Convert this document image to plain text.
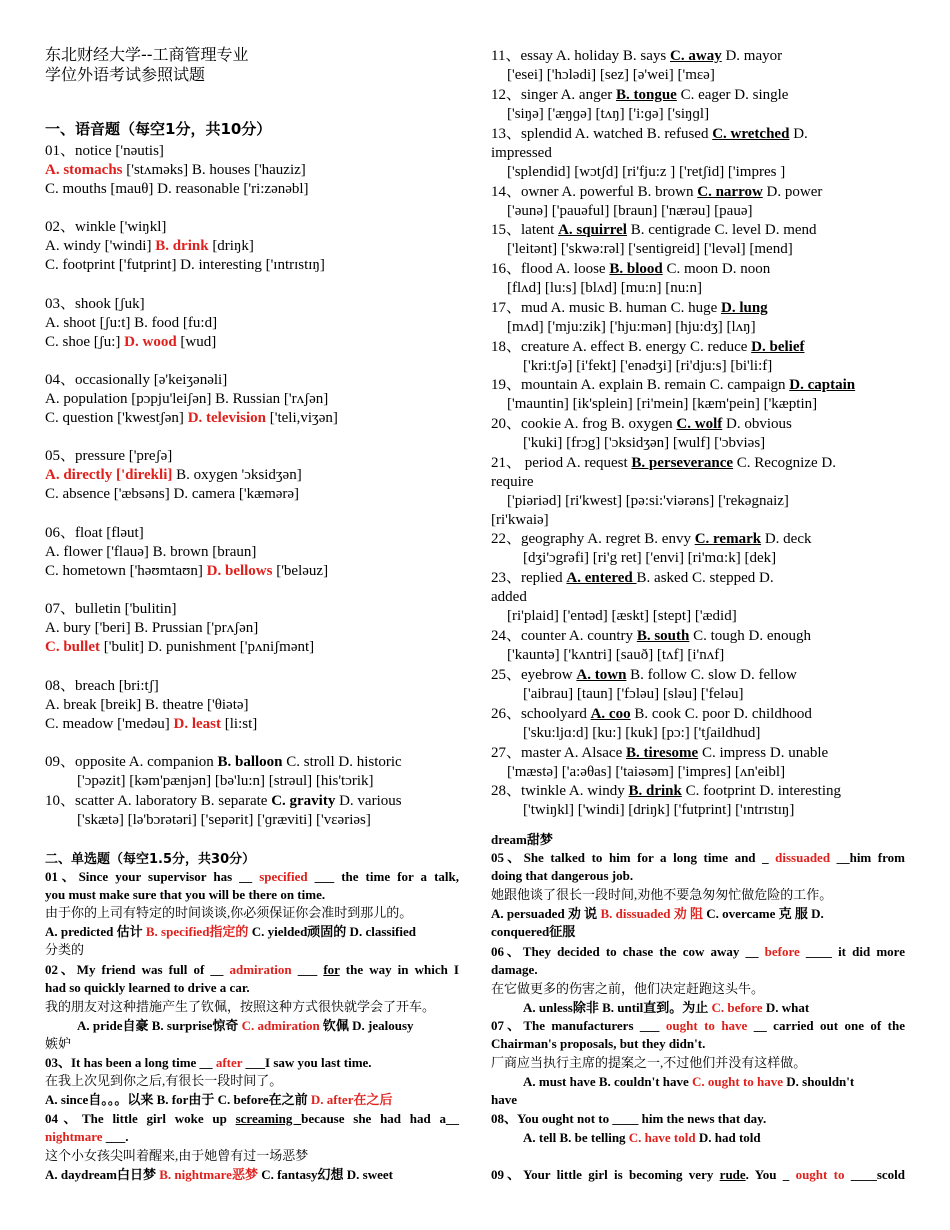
东北财经大学--工商管理专业
学位外语考试参照试题
一、语音题（每空1分，共10分）
01、notice ['nəutis]
A. stomachs ['stʌməks] B. houses ['hauziz]
C. mouths [mauθ] D. reasonable ['ri:zənəbl]
02、winkle ['wiŋkl]
A. windy ['windi] B. drink [driŋk]
C. footprint ['futprint] D. interesting ['ɪntrɪstɪŋ]
03、shook [ʃuk]
A. shoot [ʃu:t] B. food [fu:d]
C. shoe [ʃu:] D. wood [wud]
04、occasionally [ə'keiʒənəli]
A. population [pɔpju'leiʃən] B. Russian ['rʌʃən]
C. question ['kwestʃən] D. television ['teli,viʒən]
05、pressure ['preʃə]
A. directly ['direkli] B. oxygen 'ɔksidʒən]
C. absence ['æbsəns] D. camera ['kæmərə]
06、float [fləut]
A. flower ['flauə] B. brown [braun]
C. hometown ['həʊmtaʊn] D. bellows ['beləuz]
07、bulletin ['bulitin]
A. bury ['beri] B. Prussian ['prʌʃən]
C. bullet ['bulit] D. punishment ['pʌniʃmənt]
08、breach [bri:tʃ]
A. break [breik] B. theatre ['θiətə]
C. meadow ['medəu] D. least [li:st]
09、opposite A. companion B. balloon C. stroll D. historic
['ɔpəzit] [kəm'pænjən] [bə'lu:n] [strəul] [his'tɔrik]
10、scatter A. laboratory B. separate C. gravity D. various
['skætə] [lə'bɔrətəri] ['sepərit] ['ɡræviti] ['vɛəriəs]
二、单选题（每空1.5分，共30分）
01、Since your supervisor has __ specified ___ the time for a talk,
you must make sure that you will be there on time.
由于你的上司有特定的时间谈谈,你必须保证你会准时到那儿的。
A. predicted 估计 B. specified指定的 C. yielded顽固的 D. classified
分类的
02、My friend was full of __ admiration ___ for the way in which I
had so quickly learned to drive a car.
我的朋友对这种措施产生了钦佩，按照这种方式很快就学会了开车。
A. pride自豪 B. surprise惊奇 C. admiration 钦佩 D. jealousy
嫉妒
03、It has been a long time __ after ___I saw you last time.
在我上次见到你之后,有很长一段时间了。
A. since自。。。以来 B. for由于 C. before在之前 D. after在之后
04、The little girl woke up screaming because she had had a__
nightmare ___.
这个小女孩尖叫着醒来,由于她曾有过一场恶梦
A. daydream白日梦 B. nightmare恶梦 C. fantasy幻想 D. sweet
11、essay A. holiday B. says C. away D. mayor
['esei] ['hɔlədi] [sez] [ə'wei] ['mɛə]
12、singer A. anger B. tongue C. eager D. single
['siŋə] ['æŋɡə] [tʌŋ] ['i:ɡə] ['siŋɡl]
13、splendid A. watched B. refused C. wretched D.
impressed
['splendid] [wɔtʃd] [ri'fju:z ] ['retʃid] ['impres ]
14、owner A. powerful B. brown C. narrow D. power
['əunə] ['pauəful] [braun] ['nærəu] [pauə]
15、latent A. squirrel B. centigrade C. level D. mend
['leitənt] ['skwə:rəl] ['sentiɡreid] ['levəl] [mend]
16、flood A. loose B. blood C. moon D. noon
[flʌd] [lu:s] [blʌd] [mu:n] [nu:n]
17、mud A. music B. human C. huge D. lung
[mʌd] ['mju:zik] ['hju:mən] [hju:dʒ] [lʌŋ]
18、creature A. effect B. energy C. reduce D. belief
['kri:tʃə] [i'fekt] ['enədʒi] [ri'dju:s] [bi'li:f]
19、mountain A. explain B. remain C. campaign D. captain
['mauntin] [ik'splein] [ri'mein] [kæm'pein] ['kæptin]
20、cookie A. frog B. oxygen C. wolf D. obvious
['kuki] [frɔg] ['ɔksidʒən] [wulf] ['ɔbviəs]
21、 period A. request B. perseverance C. Recognize D.
require
['piəriəd] [ri'kwest] [pə:si:'viərəns] ['rekəgnaiz]
[ri'kwaiə]
22、geography A. regret B. envy C. remark D. deck
[dʒi'ɔgrəfi] [ri'g ret] ['envi] [ri'mɑ:k] [dek]
23、replied A. entered B. asked C. stepped D.
added
[ri'plaid] ['entəd] [æskt] [stept] ['ædid]
24、counter A. country B. south C. tough D. enough
['kauntə] ['kʌntri] [sauð] [tʌf] [i'nʌf]
25、eyebrow A. town B. follow C. slow D. fellow
['aibrau] [taun] ['fɔləu] [sləu] ['feləu]
26、schoolyard A. coo B. cook C. poor D. childhood
['sku:ljɑ:d] [ku:] [kuk] [pɔ:] ['tʃaildhud]
27、master A. Alsace B. tiresome C. impress D. unable
['mæstə] ['a:əθas] ['taiəsəm] ['impres] [ʌn'eibl]
28、twinkle A. windy B. drink C. footprint D. interesting
['twiŋkl] ['windi] [driŋk] ['futprint] ['ɪntrɪstɪŋ]
dream甜梦
05、She talked to him for a long time and _ dissuaded __him from
doing that dangerous job.
她跟他谈了很长一段时间,劝他不要急匆匆忙做危险的工作。
A. persuaded 劝 说 B. dissuaded 劝 阻 C. overcame 克 服 D.
conquered征服
06、They decided to chase the cow away __ before ____ it did more
damage.
在它做更多的伤害之前，他们决定赶跑这头牛。
A. unless除非 B. until直到。为止 C. before D. what
07、The manufacturers ___ ought to have __ carried out one of the
Chairman's proposals, but they didn't.
厂商应当执行主席的提案之一,不过他们并没有这样做。
A. must have B. couldn't have C. ought to have D. shouldn't
have
08、You ought not to ____ him the news that day.
A. tell B. be telling C. have told D. had told
09、Your little girl is becoming very rude. You _ ought to ____scold
